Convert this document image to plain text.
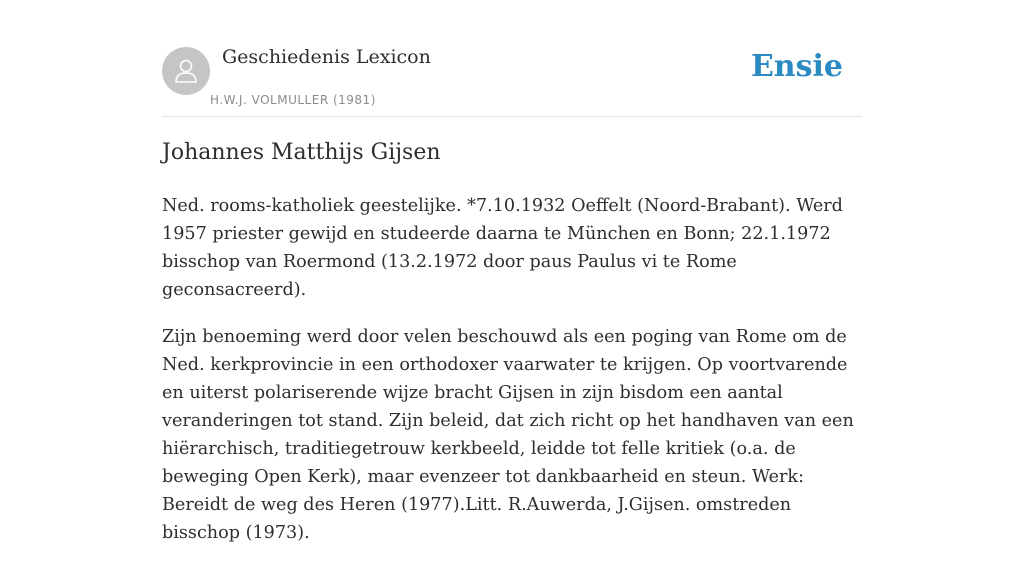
Geschiedenis Lexicon
H.W.J. VOLMULLER (1981)
Ensie
Johannes Matthijs Gijsen

Ned. rooms-katholiek geestelijke. *7.10.1932 Oeffelt (Noord-Brabant). Werd 1957 priester gewijd en studeerde daarna te München en Bonn; 22.1.1972 bisschop van Roermond (13.2.1972 door paus Paulus vi te Rome geconsacreerd).

Zijn benoeming werd door velen beschouwd als een poging van Rome om de Ned. kerkprovincie in een orthodoxer vaarwater te krijgen. Op voortvarende en uiterst polariserende wijze bracht Gijsen in zijn bisdom een aantal veranderingen tot stand. Zijn beleid, dat zich richt op het handhaven van een hiërarchisch, traditiegetrouw kerkbeeld, leidde tot felle kritiek (o.a. de beweging Open Kerk), maar evenzeer tot dankbaarheid en steun. Werk: Bereidt de weg des Heren (1977).Litt. R.Auwerda, J.Gijsen. omstreden bisschop (1973).
